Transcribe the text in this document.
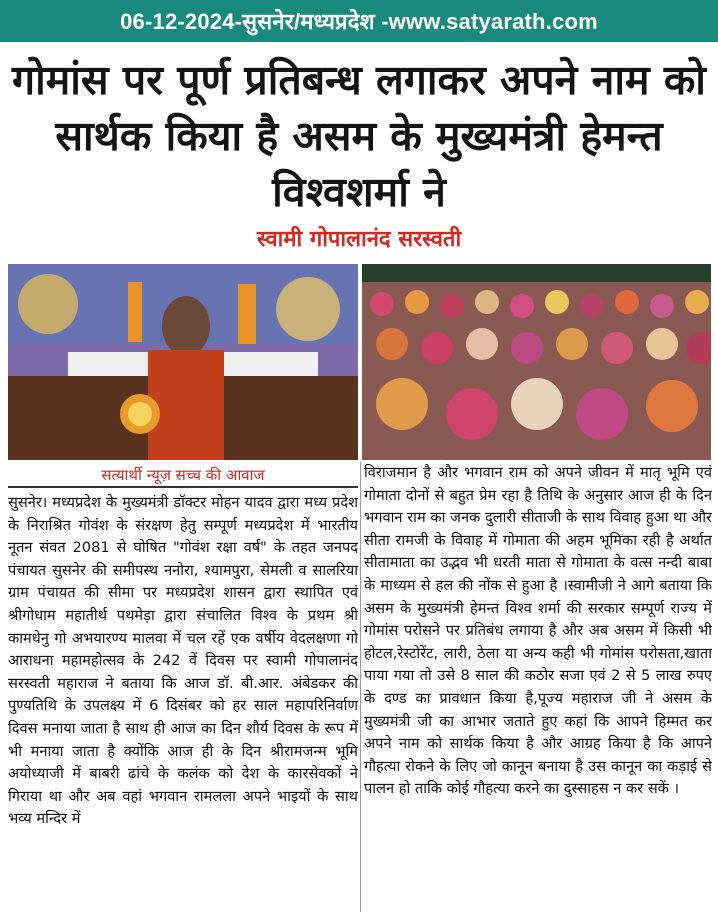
06-12-2024-सुसनेर/मध्यप्रदेश -www.satyarath.com
गोमांस पर पूर्ण प्रतिबन्ध लगाकर अपने नाम को सार्थक किया है असम के मुख्यमंत्री हेमन्त विश्वशर्मा ने
स्वामी गोपालानंद सरस्वती
सत्यार्थी न्यूज़ सच्च की आवाज
सुसनेर। मध्यप्रदेश के मुख्यमंत्री डॉक्टर मोहन यादव द्वारा मध्य प्रदेश के निराश्रित गोवंश के संरक्षण हेतु सम्पूर्ण मध्यप्रदेश में भारतीय नूतन संवत 2081 से घोषित "गोवंश रक्षा वर्ष" के तहत जनपद पंचायत सुसनेर की समीपस्थ ननोरा, श्यामपुरा, सेमली व सालरिया ग्राम पंचायत की सीमा पर मध्यप्रदेश शासन द्वारा स्थापित एवं श्रीगोधाम महातीर्थ पथमेड़ा द्वारा संचालित विश्व के प्रथम श्री कामधेनु गो अभयारण्य मालवा में चल रहें एक वर्षीय वेदलक्षणा गो आराधना महामहोत्सव के 242 वें दिवस पर स्वामी गोपालानंद सरस्वती महाराज ने बताया कि आज डॉ. बी.आर. अंबेडकर की पुण्यतिथि के उपलक्ष्य में 6 दिसंबर को हर साल महापरिनिर्वाण दिवस मनाया जाता है साथ ही आज का दिन शौर्य दिवस के रूप में भी मनाया जाता है क्योंकि आज ही के दिन श्रीरामजन्म भूमि अयोध्याजी में बाबरी ढांचे के कलंक को देश के कारसेवकों ने गिराया था और अब वहां भगवान रामलला अपने भाइयों के साथ भव्य मन्दिर में
विराजमान है और भगवान राम को अपने जीवन में मातृ भूमि एवं गोमाता दोनों से बहुत प्रेम रहा है तिथि के अनुसार आज ही के दिन भगवान राम का जनक दुलारी सीताजी के साथ विवाह हुआ था और सीता रामजी के विवाह में गोमाता की अहम भूमिका रही है अर्थात सीतामाता का उद्भव भी धरती माता से गोमाता के वत्स नन्दी बाबा के माध्यम से हल की नोंक से हुआ है ।स्वामीजी ने आगे बताया कि असम के मुख्यमंत्री हेमन्त विश्व शर्मा की सरकार सम्पूर्ण राज्य में गोमांस परोसने पर प्रतिबंध लगाया है और अब असम में किसी भी होटल,रेस्टोरेंट, लारी, ठेला या अन्य कही भी गोमांस परोसता,खाता पाया गया तो उसे 8 साल की कठोर सजा एवं 2 से 5 लाख रुपए के दण्ड का प्रावधान किया है,पूज्य महाराज जी ने असम के मुख्यमंत्री जी का आभार जताते हुए कहां कि आपने हिम्मत कर अपने नाम को सार्थक किया है और आग्रह किया है कि आपने गौहत्या रोकने के लिए जो कानून बनाया है उस कानून का कड़ाई से पालन हो ताकि कोई गौहत्या करने का दुस्साहस न कर सकें ।
